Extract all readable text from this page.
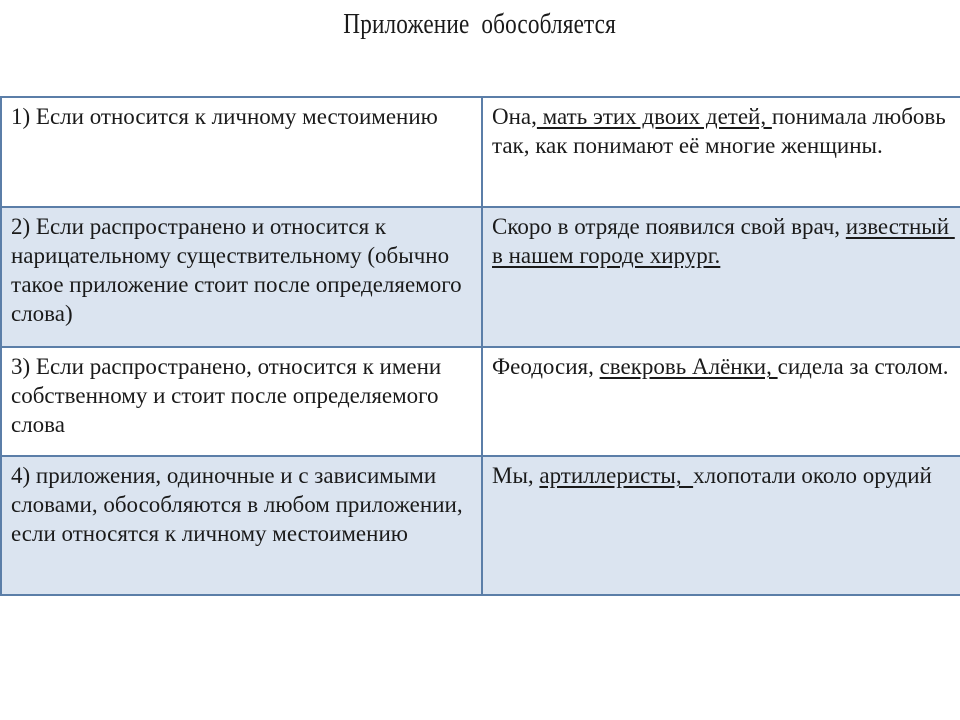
Приложение  обособляется
1) Если относится к личному местоимению	Она, мать этих двоих детей, понимала любовь так, как понимают её многие женщины.
2) Если распространено и относится к нарицательному существительному (обычно такое приложение стоит после определяемого слова)	Скоро в отряде появился свой врач, известный в нашем городе хирург.
3) Если распространено, относится к имени собственному и стоит после определяемого слова	Феодосия, свекровь Алёнки, сидела за столом.
4) приложения, одиночные и с зависимыми словами, обособляются в любом приложении, если относятся к личному местоимению	Мы, артиллеристы,  хлопотали около орудий
